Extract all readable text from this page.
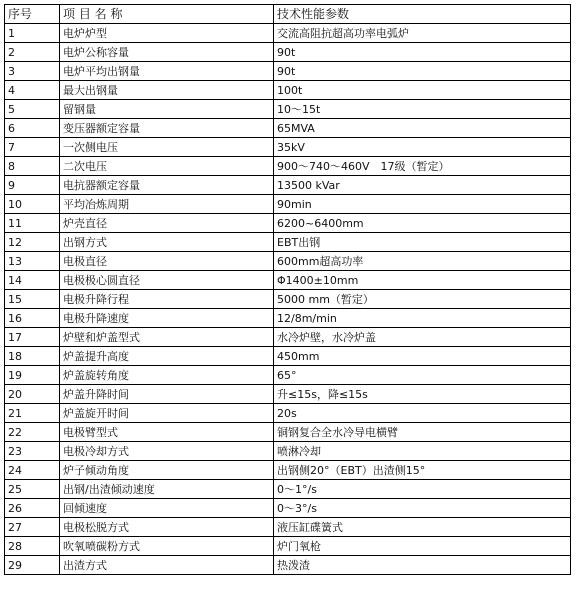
序号	项 目 名 称	技术性能参数
1	电炉炉型	交流高阻抗超高功率电弧炉
2	电炉公称容量	90t
3	电炉平均出钢量	90t
4	最大出钢量	100t
5	留钢量	10～15t
6	变压器额定容量	65MVA
7	一次侧电压	35kV
8	二次电压	900～740～460V　17级（暂定）
9	电抗器额定容量	13500 kVar
10	平均冶炼周期	90min
11	炉壳直径	6200~6400mm
12	出钢方式	EBT出钢
13	电极直径	600mm超高功率
14	电极极心圆直径	Φ1400±10mm
15	电极升降行程	5000 mm（暂定）
16	电极升降速度	12/8m/min
17	炉壁和炉盖型式	水冷炉壁，水冷炉盖
18	炉盖提升高度	450mm
19	炉盖旋转角度	65°
20	炉盖升降时间	升≤15s，降≤15s
21	炉盖旋开时间	20s
22	电极臂型式	铜钢复合全水冷导电横臂
23	电极冷却方式	喷淋冷却
24	炉子倾动角度	出钢侧20°（EBT）出渣侧15°
25	出钢/出渣倾动速度	0～1°/s
26	回倾速度	0～3°/s
27	电极松脱方式	液压缸碟簧式
28	吹氧喷碳粉方式	炉门氧枪
29	出渣方式	热泼渣
